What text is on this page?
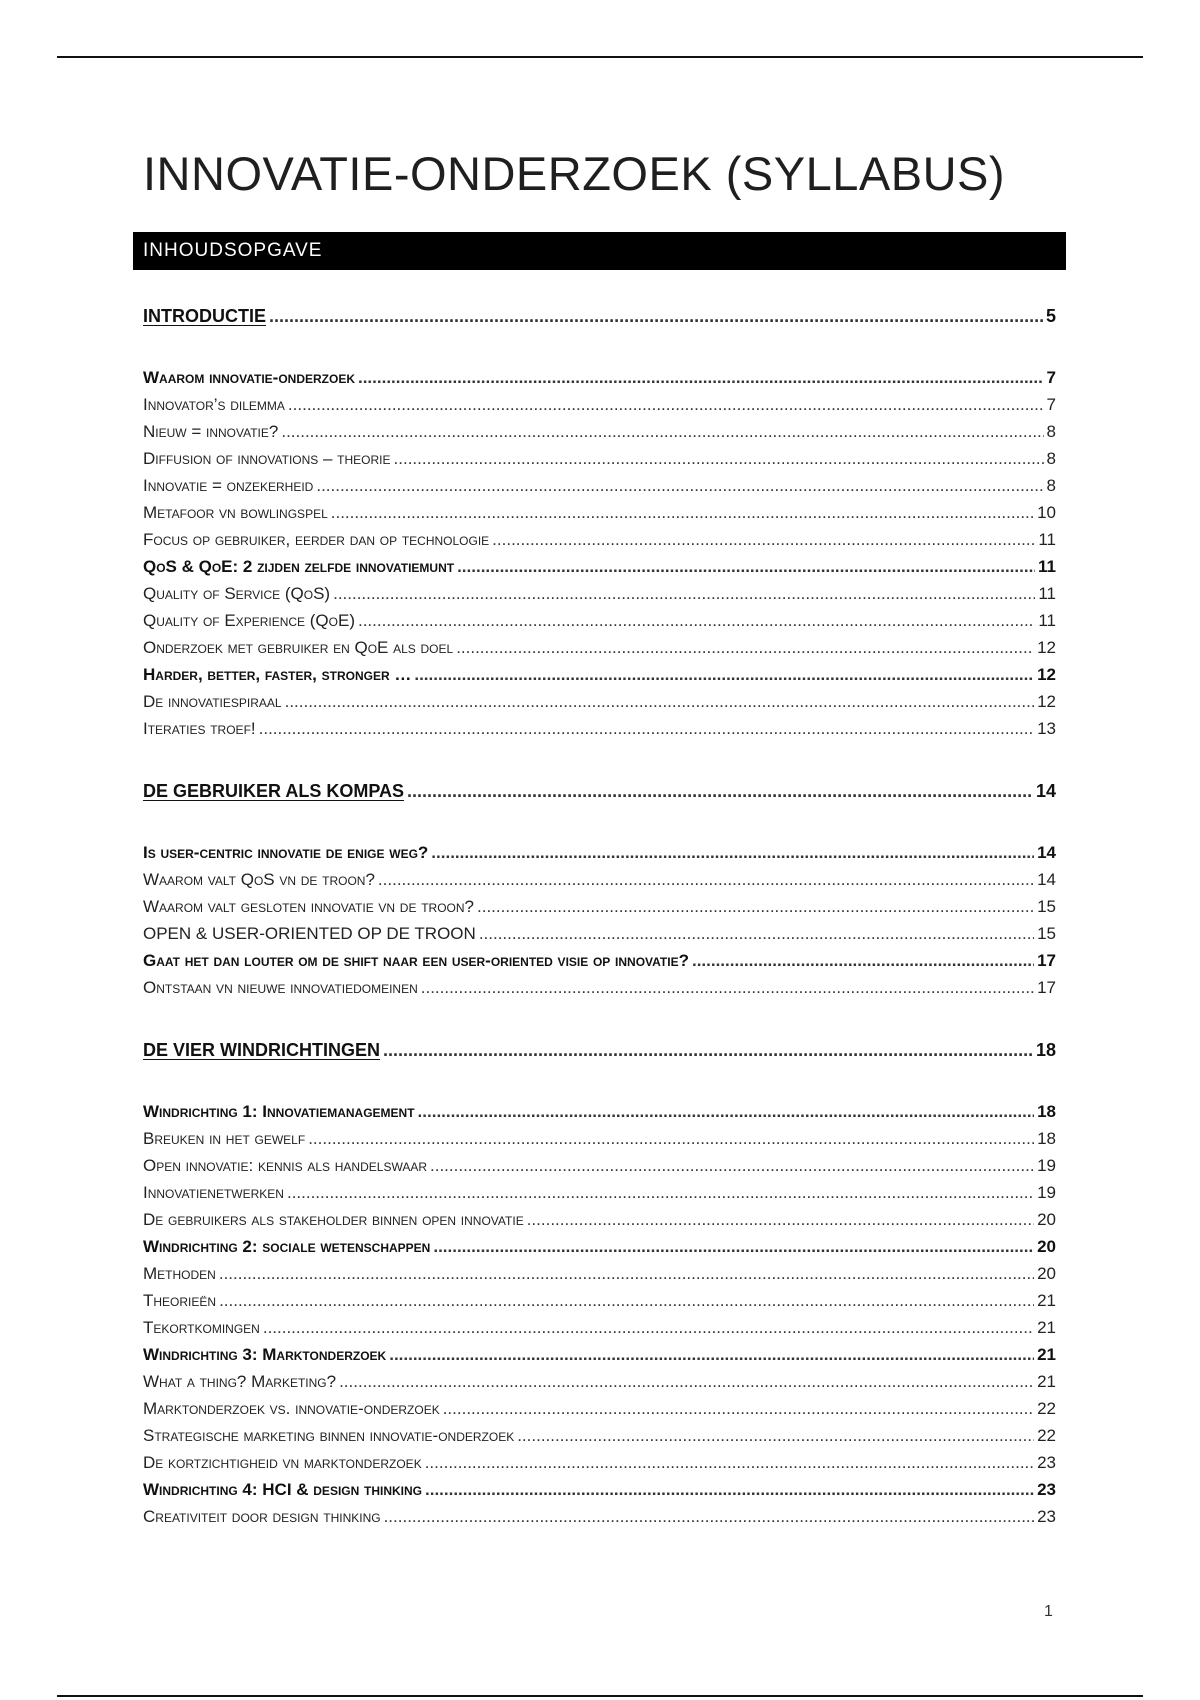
INNOVATIE-ONDERZOEK (SYLLABUS)
INHOUDSOPGAVE
INTRODUCTIE .....	5
Waarom innovatie-onderzoek .....	7
Innovator’s dilemma .....	7
Nieuw = innovatie? .....	8
Diffusion of innovations – theorie .....	8
Innovatie = onzekerheid .....	8
Metafoor vn bowlingspel .....	10
Focus op gebruiker, eerder dan op technologie .....	11
QoS & QoE: 2 zijden zelfde innovatiemunt .....	11
Quality of Service (QoS) .....	11
Quality of Experience (QoE) .....	11
Onderzoek met gebruiker en QoE als doel .....	12
Harder, better, faster, stronger … .....	12
De innovatiespiraal .....	12
Iteraties troef! .....	13
DE GEBRUIKER ALS KOMPAS .....	14
Is user-centric innovatie de enige weg? .....	14
Waarom valt QoS vn de troon? .....	14
Waarom valt gesloten innovatie vn de troon? .....	15
OPEN & USER-ORIENTED OP DE TROON .....	15
Gaat het dan louter om de shift naar een user-oriented visie op innovatie? .....	17
Ontstaan vn nieuwe innovatiedomeinen .....	17
DE VIER WINDRICHTINGEN .....	18
Windrichting 1: Innovatiemanagement .....	18
Breuken in het gewelf .....	18
Open innovatie: kennis als handelswaar .....	19
Innovatienetwerken .....	19
De gebruikers als stakeholder binnen open innovatie .....	20
Windrichting 2: sociale wetenschappen .....	20
Methoden .....	20
Theorieën .....	21
Tekortkomingen .....	21
Windrichting 3: Marktonderzoek .....	21
What a thing? Marketing? .....	21
Marktonderzoek vs. innovatie-onderzoek .....	22
Strategische marketing binnen innovatie-onderzoek .....	22
De kortzichtigheid vn marktonderzoek .....	23
Windrichting 4: HCI & design thinking .....	23
Creativiteit door design thinking .....	23
1
